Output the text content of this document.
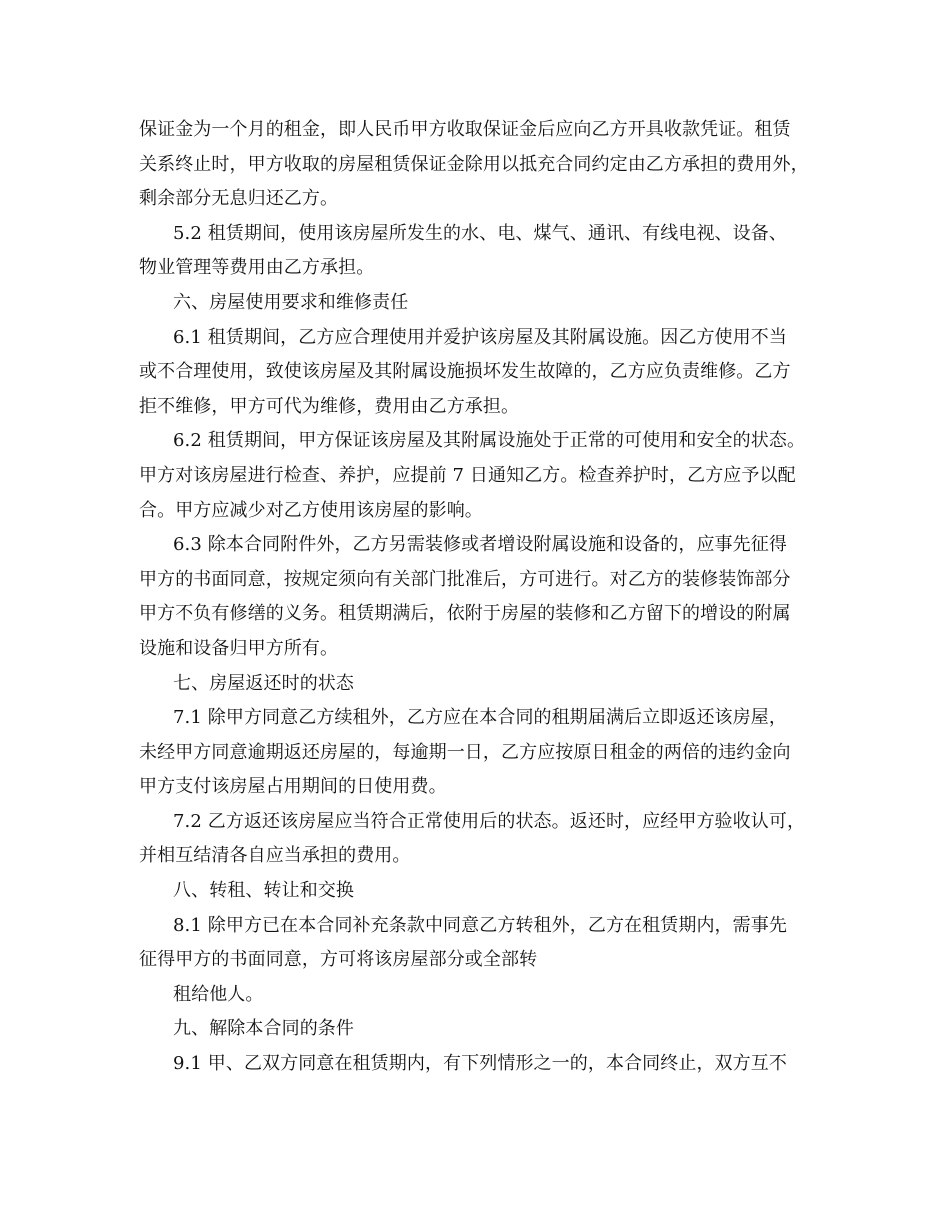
保证金为一个月的租金，即人民币甲方收取保证金后应向乙方开具收款凭证。租赁
关系终止时，甲方收取的房屋租赁保证金除用以抵充合同约定由乙方承担的费用外，
剩余部分无息归还乙方。
5.2 租赁期间，使用该房屋所发生的水、电、煤气、通讯、有线电视、设备、
物业管理等费用由乙方承担。
六、房屋使用要求和维修责任
6.1 租赁期间，乙方应合理使用并爱护该房屋及其附属设施。因乙方使用不当
或不合理使用，致使该房屋及其附属设施损坏发生故障的，乙方应负责维修。乙方
拒不维修，甲方可代为维修，费用由乙方承担。
6.2 租赁期间，甲方保证该房屋及其附属设施处于正常的可使用和安全的状态。
甲方对该房屋进行检查、养护，应提前 7 日通知乙方。检查养护时，乙方应予以配
合。甲方应减少对乙方使用该房屋的影响。
6.3 除本合同附件外，乙方另需装修或者增设附属设施和设备的，应事先征得
甲方的书面同意，按规定须向有关部门批准后，方可进行。对乙方的装修装饰部分
甲方不负有修缮的义务。租赁期满后，依附于房屋的装修和乙方留下的增设的附属
设施和设备归甲方所有。
七、房屋返还时的状态
7.1 除甲方同意乙方续租外，乙方应在本合同的租期届满后立即返还该房屋，
未经甲方同意逾期返还房屋的，每逾期一日，乙方应按原日租金的两倍的违约金向
甲方支付该房屋占用期间的日使用费。
7.2 乙方返还该房屋应当符合正常使用后的状态。返还时，应经甲方验收认可，
并相互结清各自应当承担的费用。
八、转租、转让和交换
8.1 除甲方已在本合同补充条款中同意乙方转租外，乙方在租赁期内，需事先
征得甲方的书面同意，方可将该房屋部分或全部转
租给他人。
九、解除本合同的条件
9.1 甲、乙双方同意在租赁期内，有下列情形之一的，本合同终止，双方互不
